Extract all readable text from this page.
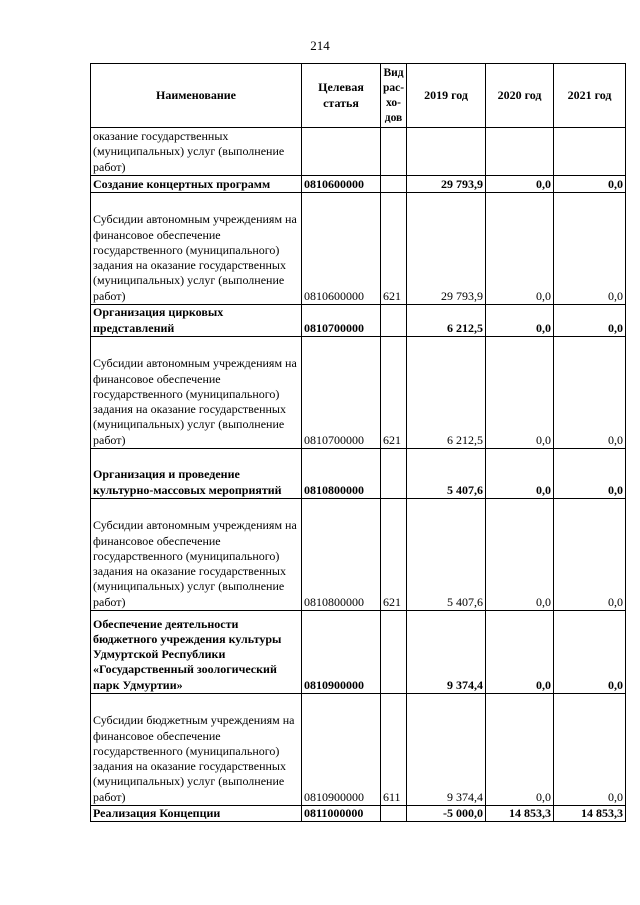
214
Наименование	Целевая статья	Вид рас-хо-дов	2019 год	2020 год	2021 год
оказание государственных (муниципальных) услуг (выполнение работ)					
Создание концертных программ	0810600000		29 793,9	0,0	0,0
Субсидии автономным учреждениям на финансовое обеспечение государственного (муниципального) задания на оказание государственных (муниципальных) услуг (выполнение работ)	0810600000	621	29 793,9	0,0	0,0
Организация цирковых представлений	0810700000		6 212,5	0,0	0,0
Субсидии автономным учреждениям на финансовое обеспечение государственного (муниципального) задания на оказание государственных (муниципальных) услуг (выполнение работ)	0810700000	621	6 212,5	0,0	0,0
Организация и проведение культурно-массовых мероприятий	0810800000		5 407,6	0,0	0,0
Субсидии автономным учреждениям на финансовое обеспечение государственного (муниципального) задания на оказание государственных (муниципальных) услуг (выполнение работ)	0810800000	621	5 407,6	0,0	0,0
Обеспечение деятельности бюджетного учреждения культуры Удмуртской Республики «Государственный зоологический парк Удмуртии»	0810900000		9 374,4	0,0	0,0
Субсидии бюджетным учреждениям на финансовое обеспечение государственного (муниципального) задания на оказание государственных (муниципальных) услуг (выполнение работ)	0810900000	611	9 374,4	0,0	0,0
Реализация Концепции	0811000000		-5 000,0	14 853,3	14 853,3
